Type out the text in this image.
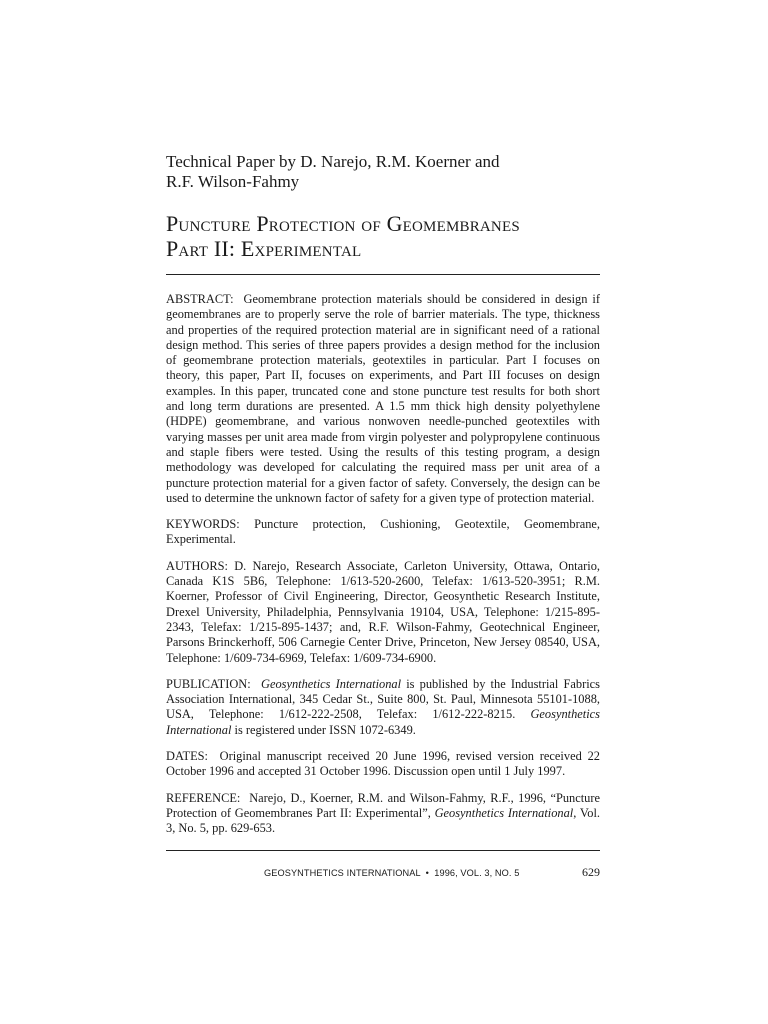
Technical Paper by D. Narejo, R.M. Koerner and
R.F. Wilson-Fahmy

Puncture Protection of Geomembranes
Part II: Experimental

ABSTRACT: Geomembrane protection materials should be considered in design if geomembranes are to properly serve the role of barrier materials. The type, thickness and properties of the required protection material are in significant need of a rational design method. This series of three papers provides a design method for the inclusion of geomembrane protection materials, geotextiles in particular. Part I focuses on theory, this paper, Part II, focuses on experiments, and Part III focuses on design examples. In this paper, truncated cone and stone puncture test results for both short and long term durations are presented. A 1.5 mm thick high density polyethylene (HDPE) geomembrane, and various nonwoven needle-punched geotextiles with varying masses per unit area made from virgin polyester and polypropylene continuous and staple fibers were tested. Using the results of this testing program, a design methodology was developed for calculating the required mass per unit area of a puncture protection material for a given factor of safety. Conversely, the design can be used to determine the unknown factor of safety for a given type of protection material.

KEYWORDS: Puncture protection, Cushioning, Geotextile, Geomembrane, Experimental.

AUTHORS: D. Narejo, Research Associate, Carleton University, Ottawa, Ontario, Canada K1S 5B6, Telephone: 1/613-520-2600, Telefax: 1/613-520-3951; R.M. Koerner, Professor of Civil Engineering, Director, Geosynthetic Research Institute, Drexel University, Philadelphia, Pennsylvania 19104, USA, Telephone: 1/215-895-2343, Telefax: 1/215-895-1437; and, R.F. Wilson-Fahmy, Geotechnical Engineer, Parsons Brinckerhoff, 506 Carnegie Center Drive, Princeton, New Jersey 08540, USA, Telephone: 1/609-734-6969, Telefax: 1/609-734-6900.

PUBLICATION: Geosynthetics International is published by the Industrial Fabrics Association International, 345 Cedar St., Suite 800, St. Paul, Minnesota 55101-1088, USA, Telephone: 1/612-222-2508, Telefax: 1/612-222-8215. Geosynthetics International is registered under ISSN 1072-6349.

DATES: Original manuscript received 20 June 1996, revised version received 22 October 1996 and accepted 31 October 1996. Discussion open until 1 July 1997.

REFERENCE: Narejo, D., Koerner, R.M. and Wilson-Fahmy, R.F., 1996, “Puncture Protection of Geomembranes Part II: Experimental”, Geosynthetics International, Vol. 3, No. 5, pp. 629-653.

GEOSYNTHETICS INTERNATIONAL  •  1996, VOL. 3, NO. 5	629
